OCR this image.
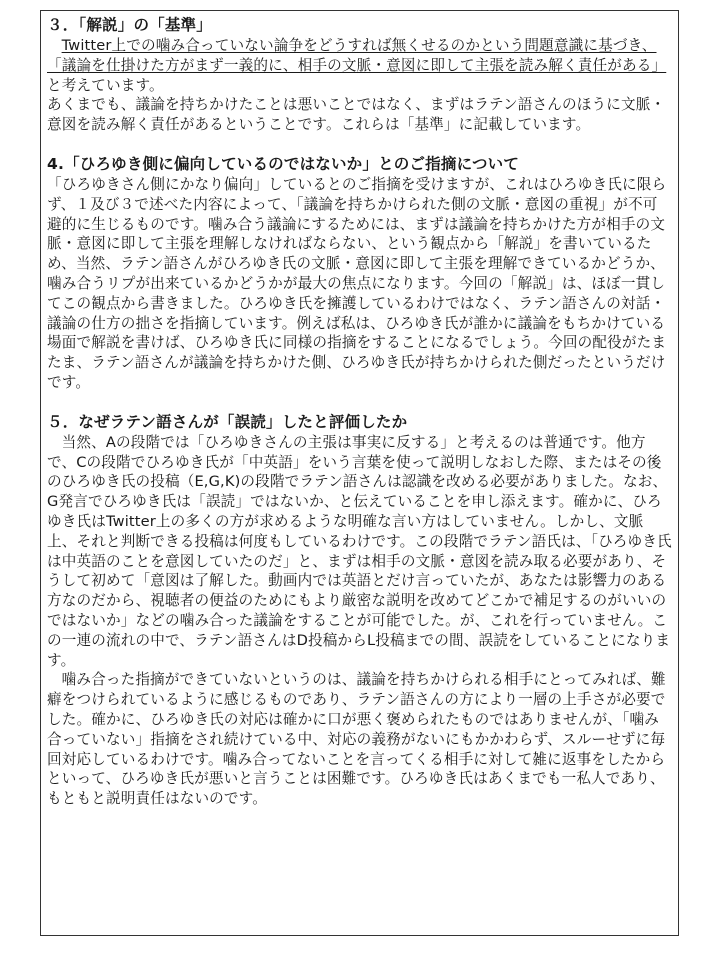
３．「解説」の「基準」

Twitter上での噛み合っていない論争をどうすれば無くせるのかという問題意識に基づき、「議論を仕掛けた方がまず一義的に、相手の文脈・意図に即して主張を読み解く責任がある」と考えています。

あくまでも、議論を持ちかけたことは悪いことではなく、まずはラテン語さんのほうに文脈・意図を読み解く責任があるということです。これらは「基準」に記載しています。

4.「ひろゆき側に偏向しているのではないか」とのご指摘について

「ひろゆきさん側にかなり偏向」しているとのご指摘を受けますが、これはひろゆき氏に限らず、１及び３で述べた内容によって、「議論を持ちかけられた側の文脈・意図の重視」が不可避的に生じるものです。噛み合う議論にするためには、まずは議論を持ちかけた方が相手の文脈・意図に即して主張を理解しなければならない、という観点から「解説」を書いているため、当然、ラテン語さんがひろゆき氏の文脈・意図に即して主張を理解できているかどうか、噛み合うリプが出来ているかどうかが最大の焦点になります。今回の「解説」は、ほぼ一貫してこの観点から書きました。ひろゆき氏を擁護しているわけではなく、ラテン語さんの対話・議論の仕方の拙さを指摘しています。例えば私は、ひろゆき氏が誰かに議論をもちかけている場面で解説を書けば、ひろゆき氏に同様の指摘をすることになるでしょう。今回の配役がたまたま、ラテン語さんが議論を持ちかけた側、ひろゆき氏が持ちかけられた側だったというだけです。

５．なぜラテン語さんが「誤読」したと評価したか

当然、Aの段階では「ひろゆきさんの主張は事実に反する」と考えるのは普通です。他方で、Cの段階でひろゆき氏が「中英語」をいう言葉を使って説明しなおした際、またはその後のひろゆき氏の投稿（E,G,K)の段階でラテン語さんは認識を改める必要がありました。なお、G発言でひろゆき氏は「誤読」ではないか、と伝えていることを申し添えます。確かに、ひろゆき氏はTwitter上の多くの方が求めるような明確な言い方はしていません。しかし、文脈上、それと判断できる投稿は何度もしているわけです。この段階でラテン語氏は、「ひろゆき氏は中英語のことを意図していたのだ」と、まずは相手の文脈・意図を読み取る必要があり、そうして初めて「意図は了解した。動画内では英語とだけ言っていたが、あなたは影響力のある方なのだから、視聴者の便益のためにもより厳密な説明を改めてどこかで補足するのがいいのではないか」などの噛み合った議論をすることが可能でした。が、これを行っていません。この一連の流れの中で、ラテン語さんはD投稿からL投稿までの間、誤読をしていることになります。

噛み合った指摘ができていないというのは、議論を持ちかけられる相手にとってみれば、難癖をつけられているように感じるものであり、ラテン語さんの方により一層の上手さが必要でした。確かに、ひろゆき氏の対応は確かに口が悪く褒められたものではありませんが、「噛み合っていない」指摘をされ続けている中、対応の義務がないにもかかわらず、スルーせずに毎回対応しているわけです。噛み合ってないことを言ってくる相手に対して雑に返事をしたからといって、ひろゆき氏が悪いと言うことは困難です。ひろゆき氏はあくまでも一私人であり、もともと説明責任はないのです。
